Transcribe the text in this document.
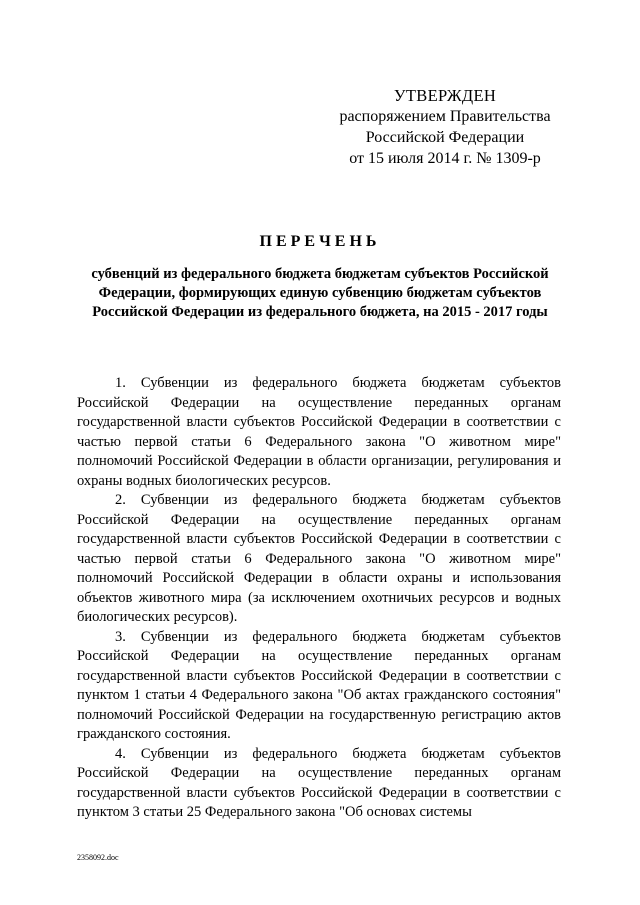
УТВЕРЖДЕН
распоряжением Правительства
Российской Федерации
от 15 июля 2014 г. № 1309-р
ПЕРЕЧЕНЬ
субвенций из федерального бюджета бюджетам субъектов Российской Федерации, формирующих единую субвенцию бюджетам субъектов Российской Федерации из федерального бюджета, на 2015 - 2017 годы

1. Субвенции из федерального бюджета бюджетам субъектов Российской Федерации на осуществление переданных органам государственной власти субъектов Российской Федерации в соответствии с частью первой статьи 6 Федерального закона "О животном мире" полномочий Российской Федерации в области организации, регулирования и охраны водных биологических ресурсов.

2. Субвенции из федерального бюджета бюджетам субъектов Российской Федерации на осуществление переданных органам государственной власти субъектов Российской Федерации в соответствии с частью первой статьи 6 Федерального закона "О животном мире" полномочий Российской Федерации в области охраны и использования объектов животного мира (за исключением охотничьих ресурсов и водных биологических ресурсов).

3. Субвенции из федерального бюджета бюджетам субъектов Российской Федерации на осуществление переданных органам государственной власти субъектов Российской Федерации в соответствии с пунктом 1 статьи 4 Федерального закона "Об актах гражданского состояния" полномочий Российской Федерации на государственную регистрацию актов гражданского состояния.

4. Субвенции из федерального бюджета бюджетам субъектов Российской Федерации на осуществление переданных органам государственной власти субъектов Российской Федерации в соответствии с пунктом 3 статьи 25 Федерального закона "Об основах системы

2358092.doc
